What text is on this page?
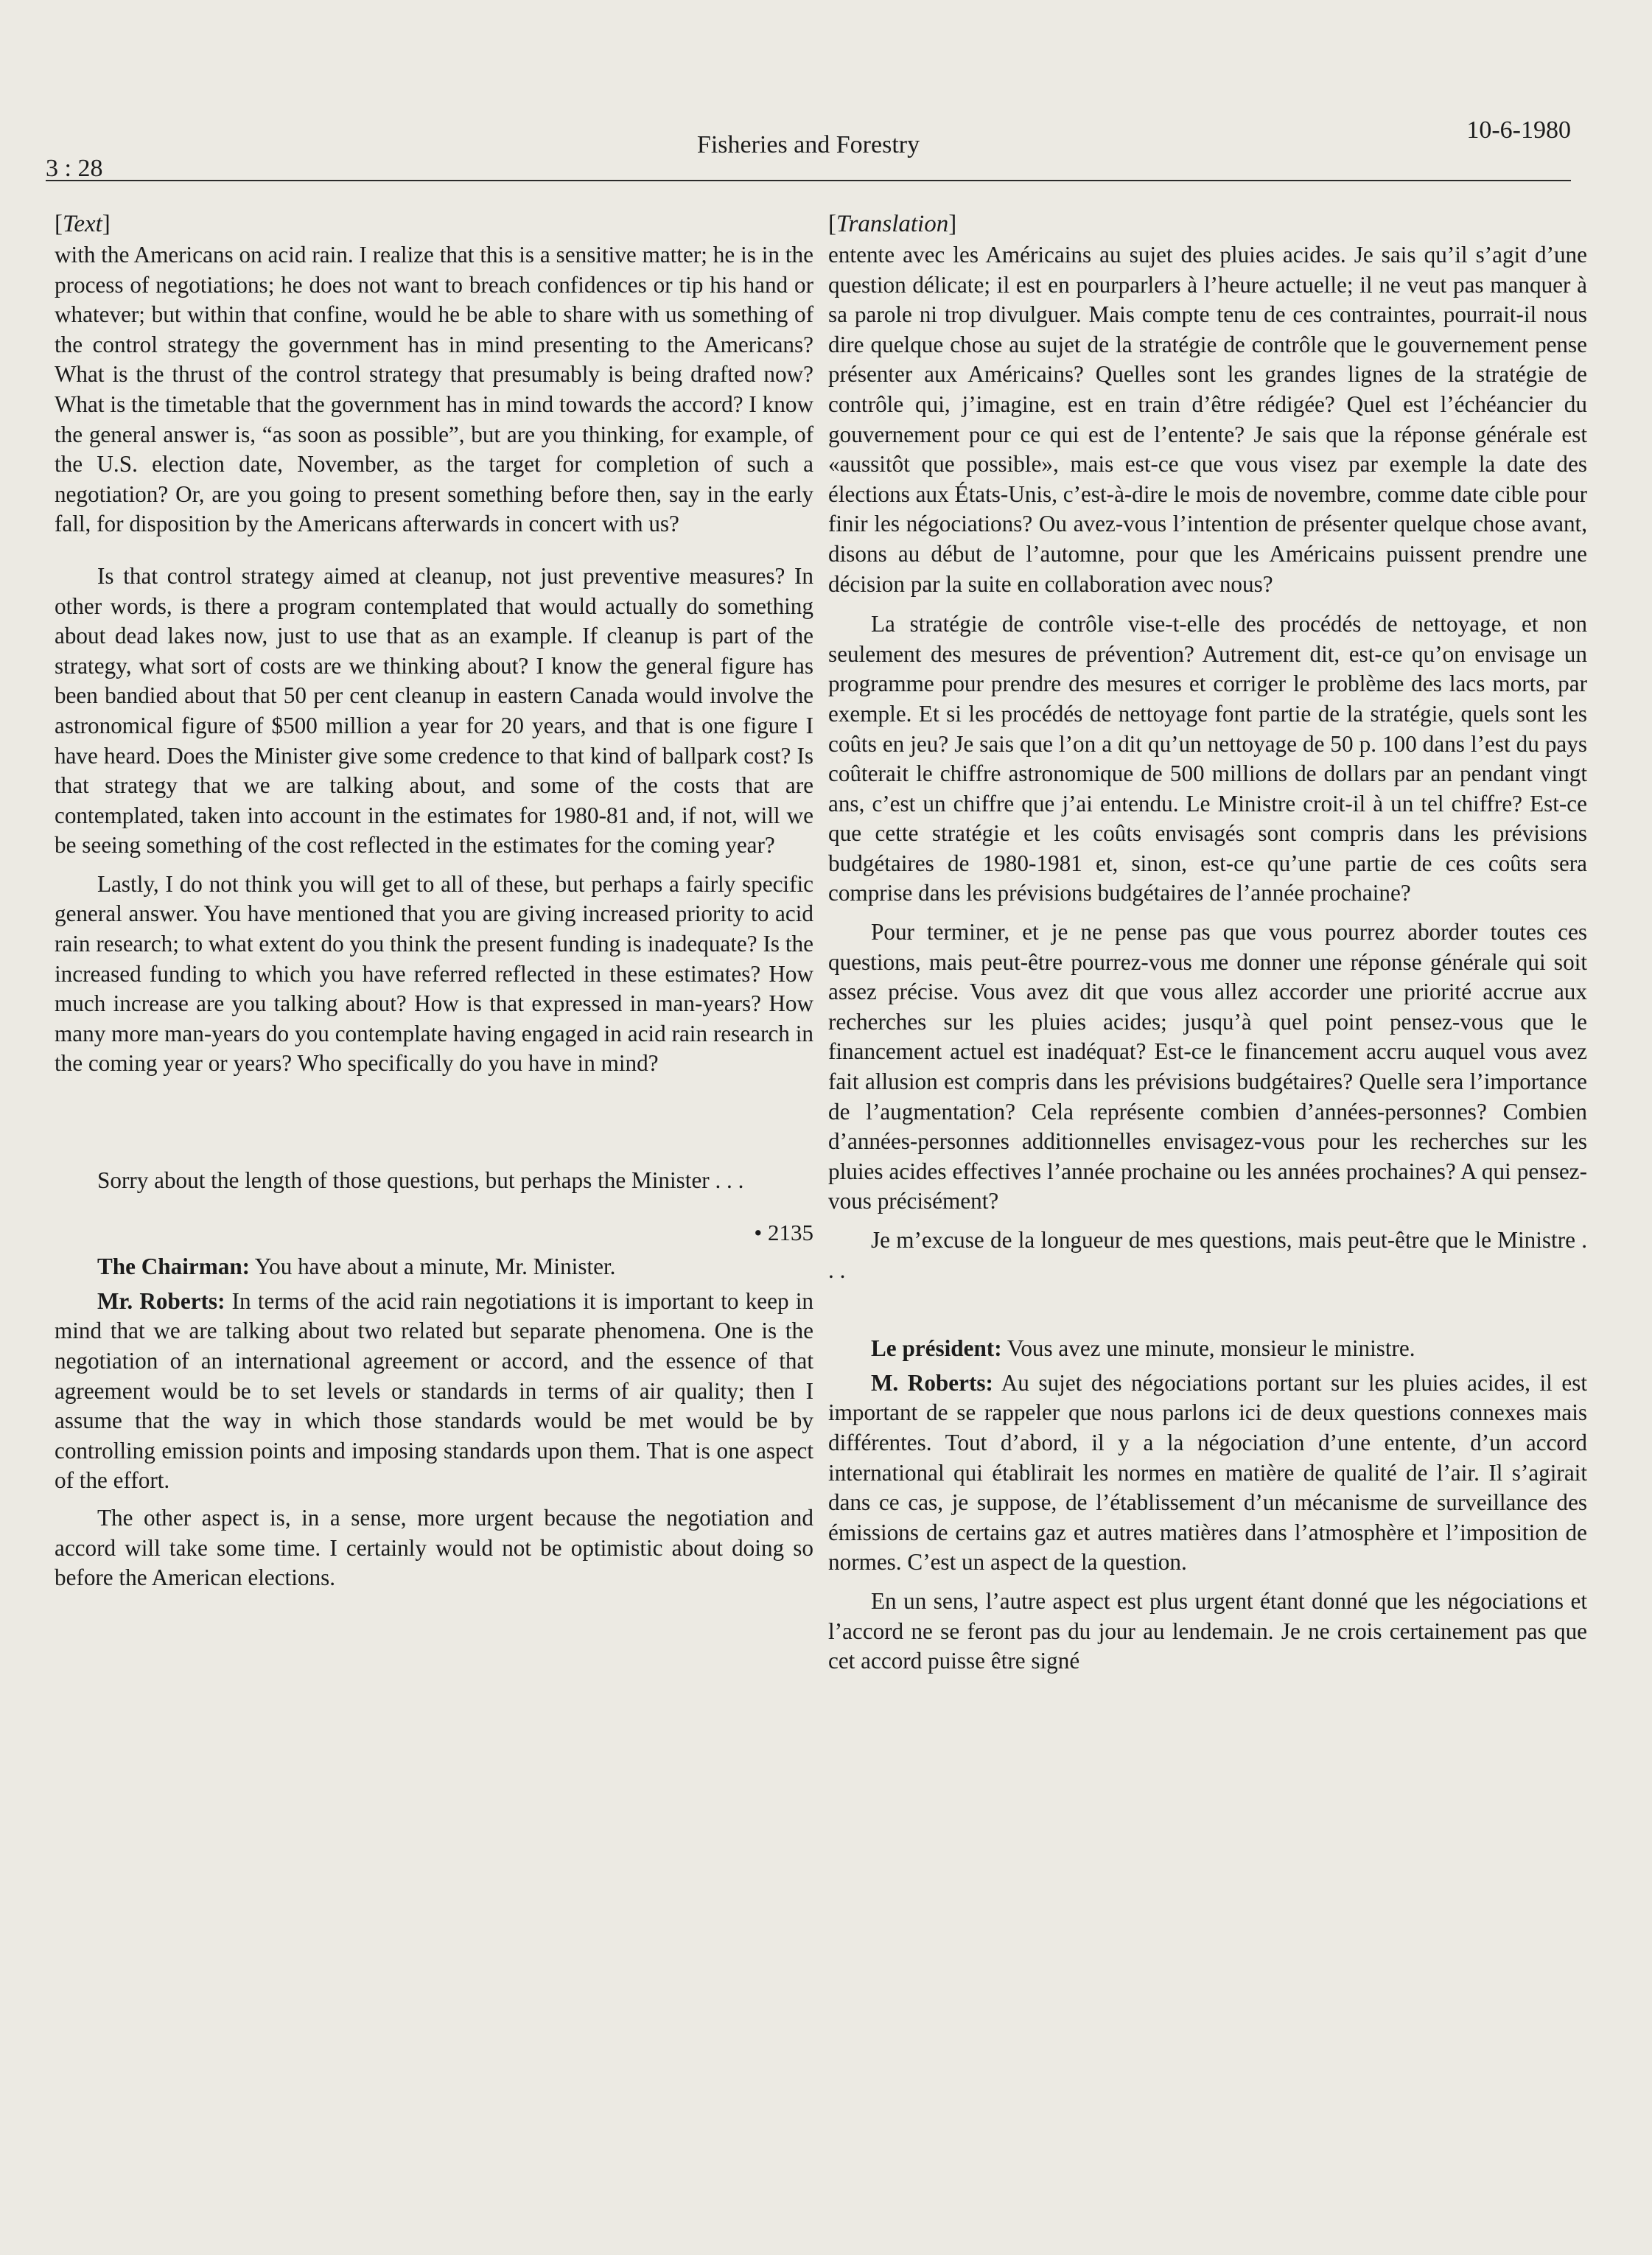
3 : 28
Fisheries and Forestry
10-6-1980
[Text]

with the Americans on acid rain. I realize that this is a sensitive matter; he is in the process of negotiations; he does not want to breach confidences or tip his hand or whatever; but within that confine, would he be able to share with us something of the control strategy the government has in mind presenting to the Americans? What is the thrust of the control strategy that presumably is being drafted now? What is the timetable that the government has in mind towards the accord? I know the general answer is, “as soon as possible”, but are you thinking, for example, of the U.S. election date, November, as the target for completion of such a negotiation? Or, are you going to present something before then, say in the early fall, for disposition by the Americans afterwards in concert with us?

Is that control strategy aimed at cleanup, not just preventive measures? In other words, is there a program contemplated that would actually do something about dead lakes now, just to use that as an example. If cleanup is part of the strategy, what sort of costs are we thinking about? I know the general figure has been bandied about that 50 per cent cleanup in eastern Canada would involve the astronomical figure of $500 million a year for 20 years, and that is one figure I have heard. Does the Minister give some credence to that kind of ballpark cost? Is that strategy that we are talking about, and some of the costs that are contemplated, taken into account in the estimates for 1980-81 and, if not, will we be seeing something of the cost reflected in the estimates for the coming year?

Lastly, I do not think you will get to all of these, but perhaps a fairly specific general answer. You have mentioned that you are giving increased priority to acid rain research; to what extent do you think the present funding is inadequate? Is the increased funding to which you have referred reflected in these estimates? How much increase are you talking about? How is that expressed in man-years? How many more man-years do you contemplate having engaged in acid rain research in the coming year or years? Who specifically do you have in mind?

Sorry about the length of those questions, but perhaps the Minister . . .

• 2135

The Chairman: You have about a minute, Mr. Minister.

Mr. Roberts: In terms of the acid rain negotiations it is important to keep in mind that we are talking about two related but separate phenomena. One is the negotiation of an international agreement or accord, and the essence of that agreement would be to set levels or standards in terms of air quality; then I assume that the way in which those standards would be met would be by controlling emission points and imposing standards upon them. That is one aspect of the effort.

The other aspect is, in a sense, more urgent because the negotiation and accord will take some time. I certainly would not be optimistic about doing so before the American elections.

[Translation]

entente avec les Américains au sujet des pluies acides. Je sais qu’il s’agit d’une question délicate; il est en pourparlers à l’heure actuelle; il ne veut pas manquer à sa parole ni trop divulguer. Mais compte tenu de ces contraintes, pourrait-il nous dire quelque chose au sujet de la stratégie de contrôle que le gouvernement pense présenter aux Américains? Quelles sont les grandes lignes de la stratégie de contrôle qui, j’imagine, est en train d’être rédigée? Quel est l’échéancier du gouvernement pour ce qui est de l’entente? Je sais que la réponse générale est «aussitôt que possible», mais est-ce que vous visez par exemple la date des élections aux États-Unis, c’est-à-dire le mois de novembre, comme date cible pour finir les négociations? Ou avez-vous l’intention de présenter quelque chose avant, disons au début de l’automne, pour que les Américains puissent prendre une décision par la suite en collaboration avec nous?

La stratégie de contrôle vise-t-elle des procédés de nettoyage, et non seulement des mesures de prévention? Autrement dit, est-ce qu’on envisage un programme pour prendre des mesures et corriger le problème des lacs morts, par exemple. Et si les procédés de nettoyage font partie de la stratégie, quels sont les coûts en jeu? Je sais que l’on a dit qu’un nettoyage de 50 p. 100 dans l’est du pays coûterait le chiffre astronomique de 500 millions de dollars par an pendant vingt ans, c’est un chiffre que j’ai entendu. Le Ministre croit-il à un tel chiffre? Est-ce que cette stratégie et les coûts envisagés sont compris dans les prévisions budgétaires de 1980-1981 et, sinon, est-ce qu’une partie de ces coûts sera comprise dans les prévisions budgétaires de l’année prochaine?

Pour terminer, et je ne pense pas que vous pourrez aborder toutes ces questions, mais peut-être pourrez-vous me donner une réponse générale qui soit assez précise. Vous avez dit que vous allez accorder une priorité accrue aux recherches sur les pluies acides; jusqu’à quel point pensez-vous que le financement actuel est inadéquat? Est-ce le financement accru auquel vous avez fait allusion est compris dans les prévisions budgétaires? Quelle sera l’importance de l’augmentation? Cela représente combien d’années-personnes? Combien d’années-personnes additionnelles envisagez-vous pour les recherches sur les pluies acides effectives l’année prochaine ou les années prochaines? A qui pensez-vous précisément?

Je m’excuse de la longueur de mes questions, mais peut-être que le Ministre . . .

Le président: Vous avez une minute, monsieur le ministre.

M. Roberts: Au sujet des négociations portant sur les pluies acides, il est important de se rappeler que nous parlons ici de deux questions connexes mais différentes. Tout d’abord, il y a la négociation d’une entente, d’un accord international qui établirait les normes en matière de qualité de l’air. Il s’agirait dans ce cas, je suppose, de l’établissement d’un mécanisme de surveillance des émissions de certains gaz et autres matières dans l’atmosphère et l’imposition de normes. C’est un aspect de la question.

En un sens, l’autre aspect est plus urgent étant donné que les négociations et l’accord ne se feront pas du jour au lendemain. Je ne crois certainement pas que cet accord puisse être signé
